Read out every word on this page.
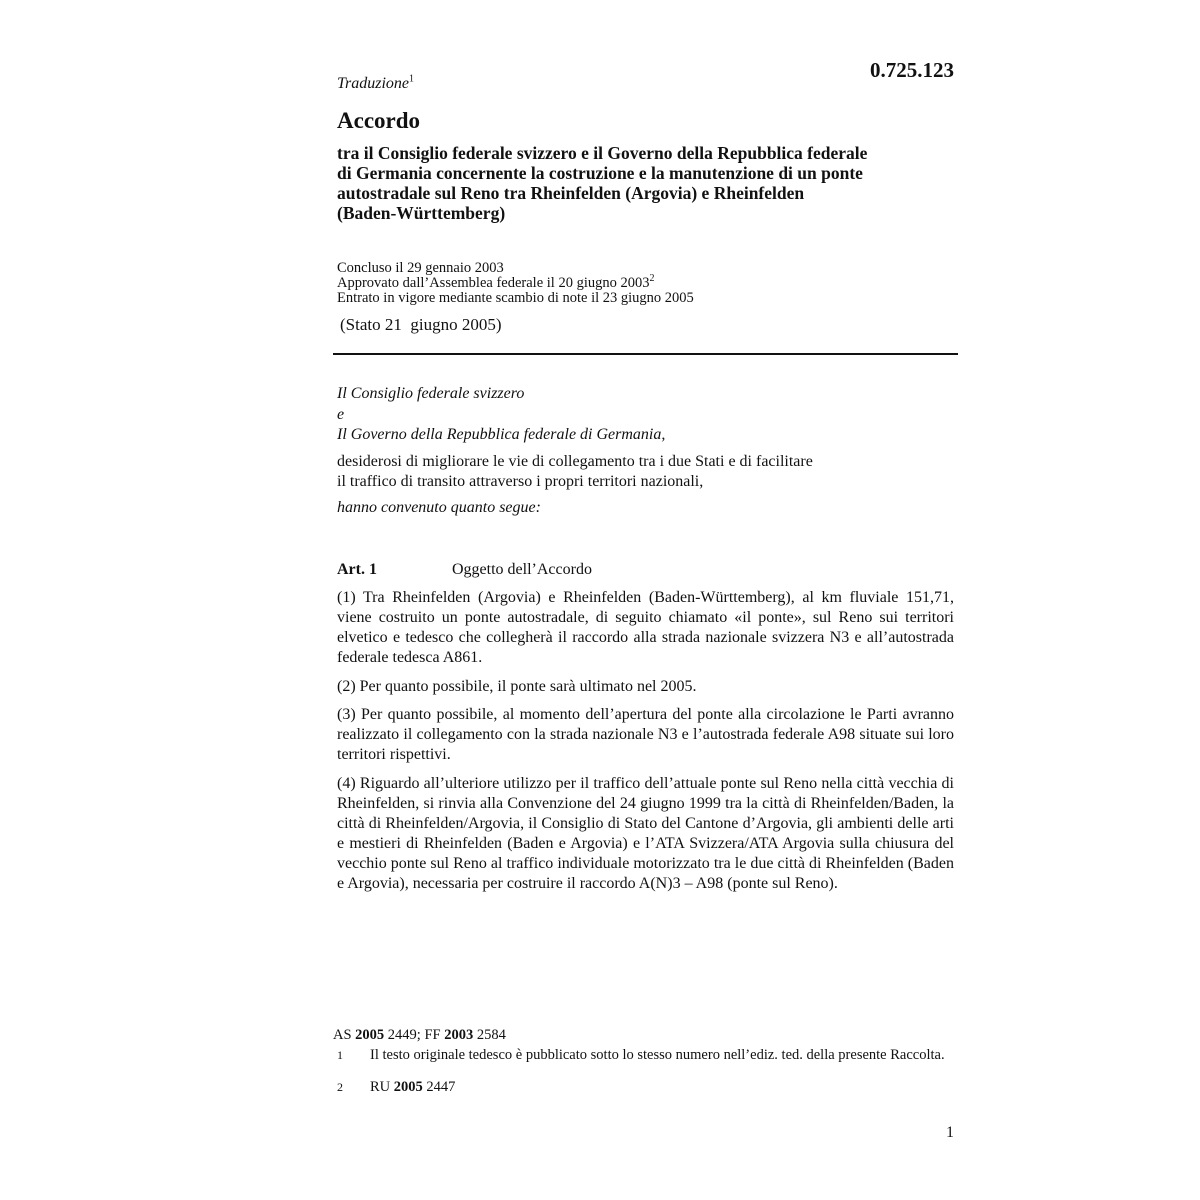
0.725.123
Traduzione$^1$
Accordo
tra il Consiglio federale svizzero e il Governo della Repubblica federale
di Germania concernente la costruzione e la manutenzione di un ponte
autostradale sul Reno tra Rheinfelden (Argovia) e Rheinfelden
(Baden-Württemberg)
Concluso il 29 gennaio 2003
Approvato dall’Assemblea federale il 20 giugno 2003$^2$
Entrato in vigore mediante scambio di note il 23 giugno 2005
(Stato 21  giugno 2005)
Il Consiglio federale svizzero
e
Il Governo della Repubblica federale di Germania,
desiderosi di migliorare le vie di collegamento tra i due Stati e di facilitare
il traffico di transito attraverso i propri territori nazionali,
hanno convenuto quanto segue:
Art. 1	Oggetto dell’Accordo
(1) Tra Rheinfelden (Argovia) e Rheinfelden (Baden-Württemberg), al km fluviale 151,71, viene costruito un ponte autostradale, di seguito chiamato «il ponte», sul Reno sui territori elvetico e tedesco che collegherà il raccordo alla strada nazionale svizzera N3 e all’autostrada federale tedesca A861.
(2) Per quanto possibile, il ponte sarà ultimato nel 2005.
(3) Per quanto possibile, al momento dell’apertura del ponte alla circolazione le Parti avranno realizzato il collegamento con la strada nazionale N3 e l’autostrada federale A98 situate sui loro territori rispettivi.
(4) Riguardo all’ulteriore utilizzo per il traffico dell’attuale ponte sul Reno nella città vecchia di Rheinfelden, si rinvia alla Convenzione del 24 giugno 1999 tra la città di Rheinfelden/Baden, la città di Rheinfelden/Argovia, il Consiglio di Stato del Cantone d’Argovia, gli ambienti delle arti e mestieri di Rheinfelden (Baden e Argovia) e l’ATA Svizzera/ATA Argovia sulla chiusura del vecchio ponte sul Reno al traffico individuale motorizzato tra le due città di Rheinfelden (Baden e Argovia), necessaria per costruire il raccordo A(N)3 – A98 (ponte sul Reno).
AS 2005 2449; FF 2003 2584
1 Il testo originale tedesco è pubblicato sotto lo stesso numero nell’ediz. ted. della presente Raccolta.
2 RU 2005 2447
1
